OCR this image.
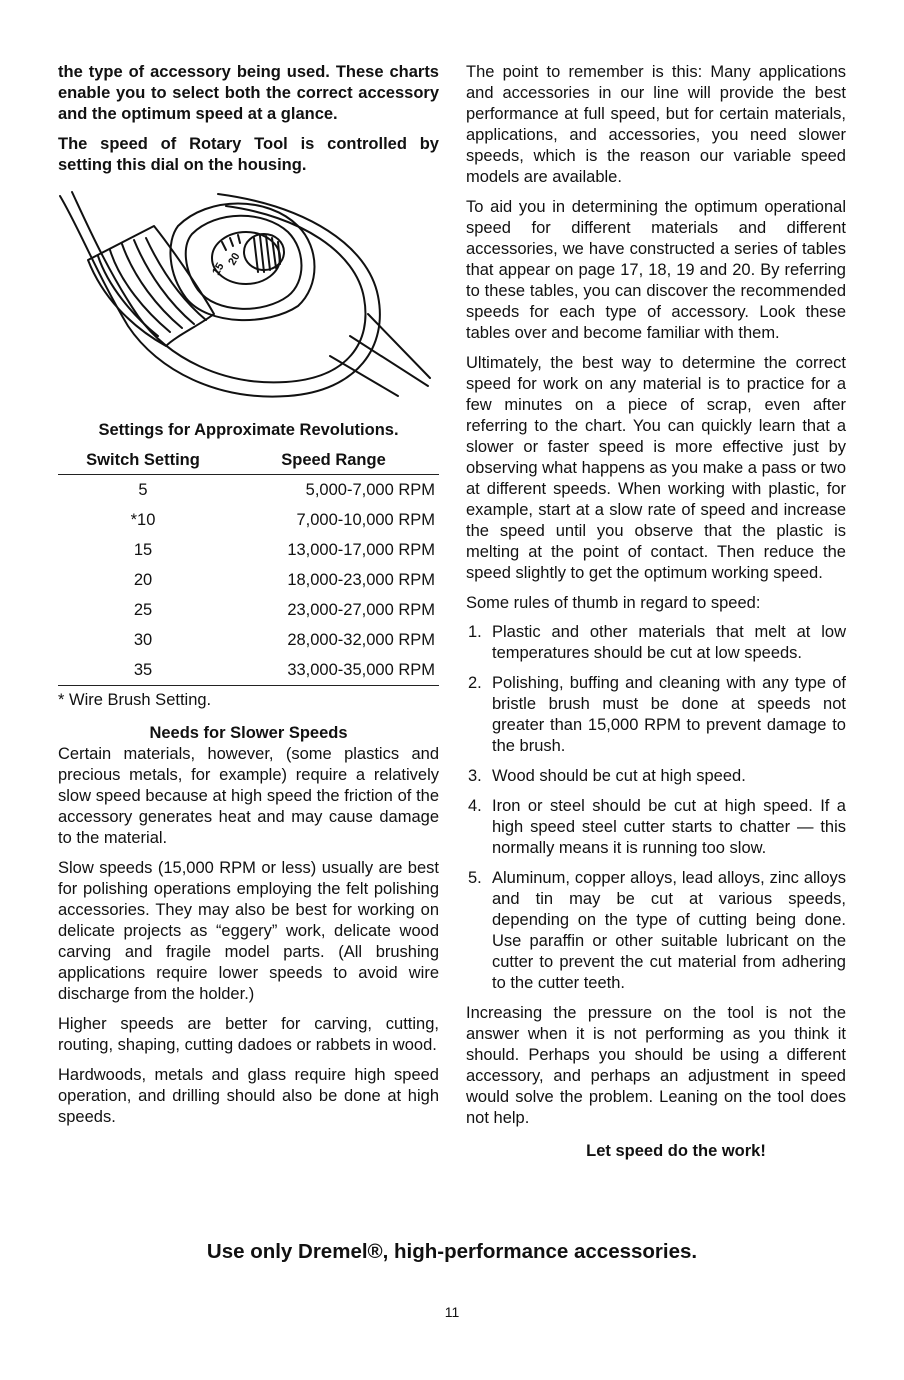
the type of accessory being used. These charts enable you to select both the correct accessory and the optimum speed at a glance.

The speed of Rotary Tool is controlled by setting this dial on the housing.

15
20
Settings for Approximate Revolutions.
Switch Setting	Speed Range
5	5,000-7,000 RPM
*10	7,000-10,000 RPM
15	13,000-17,000 RPM
20	18,000-23,000 RPM
25	23,000-27,000 RPM
30	28,000-32,000 RPM
35	33,000-35,000 RPM
* Wire Brush Setting.
Needs for Slower Speeds

Certain materials, however, (some plastics and precious metals, for example) require a relatively slow speed because at high speed the friction of the accessory generates heat and may cause damage to the material.

Slow speeds (15,000 RPM or less) usually are best for polishing operations employing the felt polishing accessories. They may also be best for working on delicate projects as “eggery” work, delicate wood carving and fragile model parts. (All brushing applications require lower speeds to avoid wire discharge from the holder.)

Higher speeds are better for carving, cutting, routing, shaping, cutting dadoes or rabbets in wood.

Hardwoods, metals and glass require high speed operation, and drilling should also be done at high speeds.

The point to remember is this: Many applications and accessories in our line will provide the best performance at full speed, but for certain materials, applications, and accessories, you need slower speeds, which is the reason our variable speed models are available.

To aid you in determining the optimum operational speed for different materials and different accessories, we have constructed a series of tables that appear on page 17, 18, 19 and 20. By referring to these tables, you can discover the recommended speeds for each type of accessory. Look these tables over and become familiar with them.

Ultimately, the best way to determine the correct speed for work on any material is to practice for a few minutes on a piece of scrap, even after referring to the chart. You can quickly learn that a slower or faster speed is more effective just by observing what happens as you make a pass or two at different speeds. When working with plastic, for example, start at a slow rate of speed and increase the speed until you observe that the plastic is melting at the point of contact. Then reduce the speed slightly to get the optimum working speed.

Some rules of thumb in regard to speed:

1. Plastic and other materials that melt at low temperatures should be cut at low speeds.
2. Polishing, buffing and cleaning with any type of bristle brush must be done at speeds not greater than 15,000 RPM to prevent damage to the brush.
3. Wood should be cut at high speed.
4. Iron or steel should be cut at high speed. If a high speed steel cutter starts to chatter — this normally means it is running too slow.
5. Aluminum, copper alloys, lead alloys, zinc alloys and tin may be cut at various speeds, depending on the type of cutting being done. Use paraffin or other suitable lubricant on the cutter to prevent the cut material from adhering to the cutter teeth.

Increasing the pressure on the tool is not the answer when it is not performing as you think it should. Perhaps you should be using a different accessory, and perhaps an adjustment in speed would solve the problem. Leaning on the tool does not help.

Let speed do the work!
Use only Dremel®, high-performance accessories.
11
